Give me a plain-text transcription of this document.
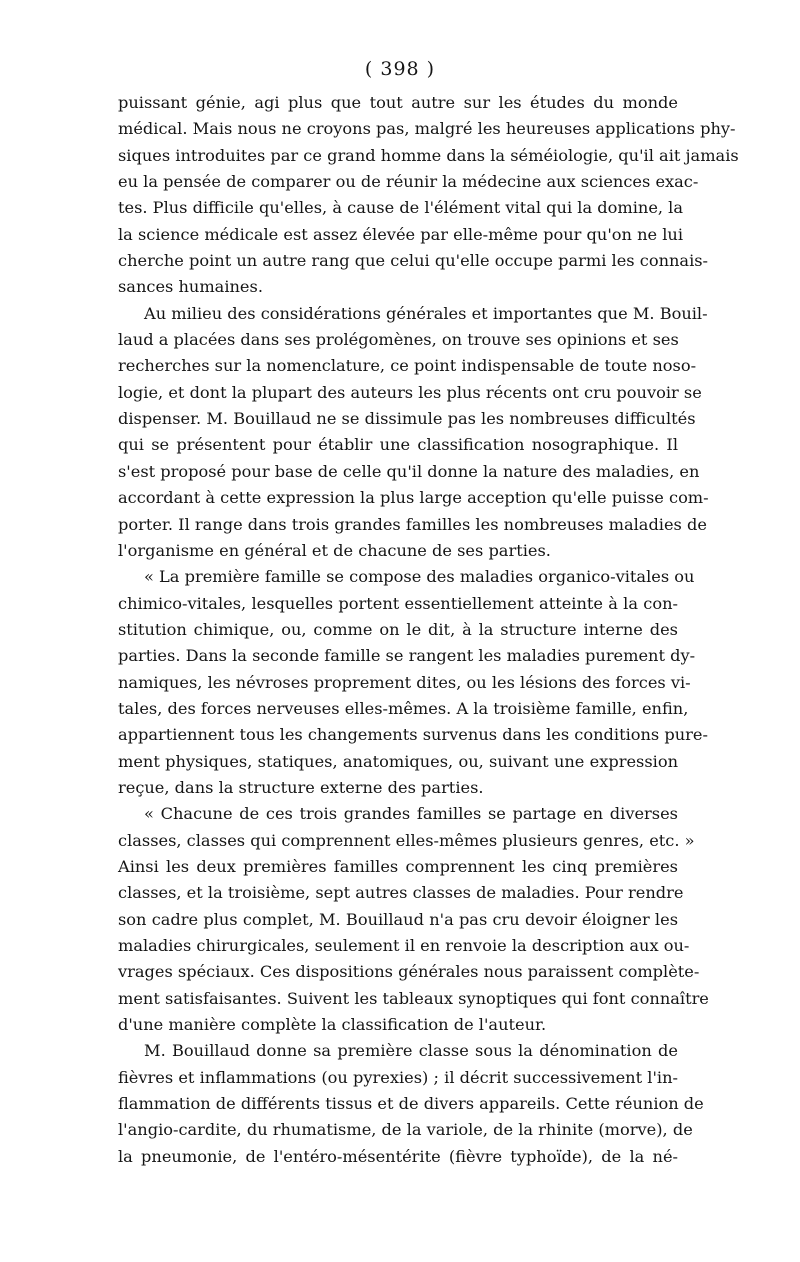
( 398 )
puissant génie, agi plus que tout autre sur les études du monde
médical. Mais nous ne croyons pas, malgré les heureuses applications phy-
siques introduites par ce grand homme dans la séméiologie, qu'il ait jamais
eu la pensée de comparer ou de réunir la médecine aux sciences exac-
tes. Plus difficile qu'elles, à cause de l'élément vital qui la domine, la
la science médicale est assez élevée par elle-même pour qu'on ne lui
cherche point un autre rang que celui qu'elle occupe parmi les connais-
sances humaines.
Au milieu des considérations générales et importantes que M. Bouil-
laud a placées dans ses prolégomènes, on trouve ses opinions et ses
recherches sur la nomenclature, ce point indispensable de toute noso-
logie, et dont la plupart des auteurs les plus récents ont cru pouvoir se
dispenser. M. Bouillaud ne se dissimule pas les nombreuses difficultés
qui se présentent pour établir une classification nosographique. Il
s'est proposé pour base de celle qu'il donne la nature des maladies, en
accordant à cette expression la plus large acception qu'elle puisse com-
porter. Il range dans trois grandes familles les nombreuses maladies de
l'organisme en général et de chacune de ses parties.
« La première famille se compose des maladies organico-vitales ou
chimico-vitales, lesquelles portent essentiellement atteinte à la con-
stitution chimique, ou, comme on le dit, à la structure interne des
parties. Dans la seconde famille se rangent les maladies purement dy-
namiques, les névroses proprement dites, ou les lésions des forces vi-
tales, des forces nerveuses elles-mêmes. A la troisième famille, enfin,
appartiennent tous les changements survenus dans les conditions pure-
ment physiques, statiques, anatomiques, ou, suivant une expression
reçue, dans la structure externe des parties.
« Chacune de ces trois grandes familles se partage en diverses
classes, classes qui comprennent elles-mêmes plusieurs genres, etc. »
Ainsi les deux premières familles comprennent les cinq premières
classes, et la troisième, sept autres classes de maladies. Pour rendre
son cadre plus complet, M. Bouillaud n'a pas cru devoir éloigner les
maladies chirurgicales, seulement il en renvoie la description aux ou-
vrages spéciaux. Ces dispositions générales nous paraissent complète-
ment satisfaisantes. Suivent les tableaux synoptiques qui font connaître
d'une manière complète la classification de l'auteur.
M. Bouillaud donne sa première classe sous la dénomination de
fièvres et inflammations (ou pyrexies) ; il décrit successivement l'in-
flammation de différents tissus et de divers appareils. Cette réunion de
l'angio-cardite, du rhumatisme, de la variole, de la rhinite (morve), de
la pneumonie, de l'entéro-mésentérite (fièvre typhoïde), de la né-
